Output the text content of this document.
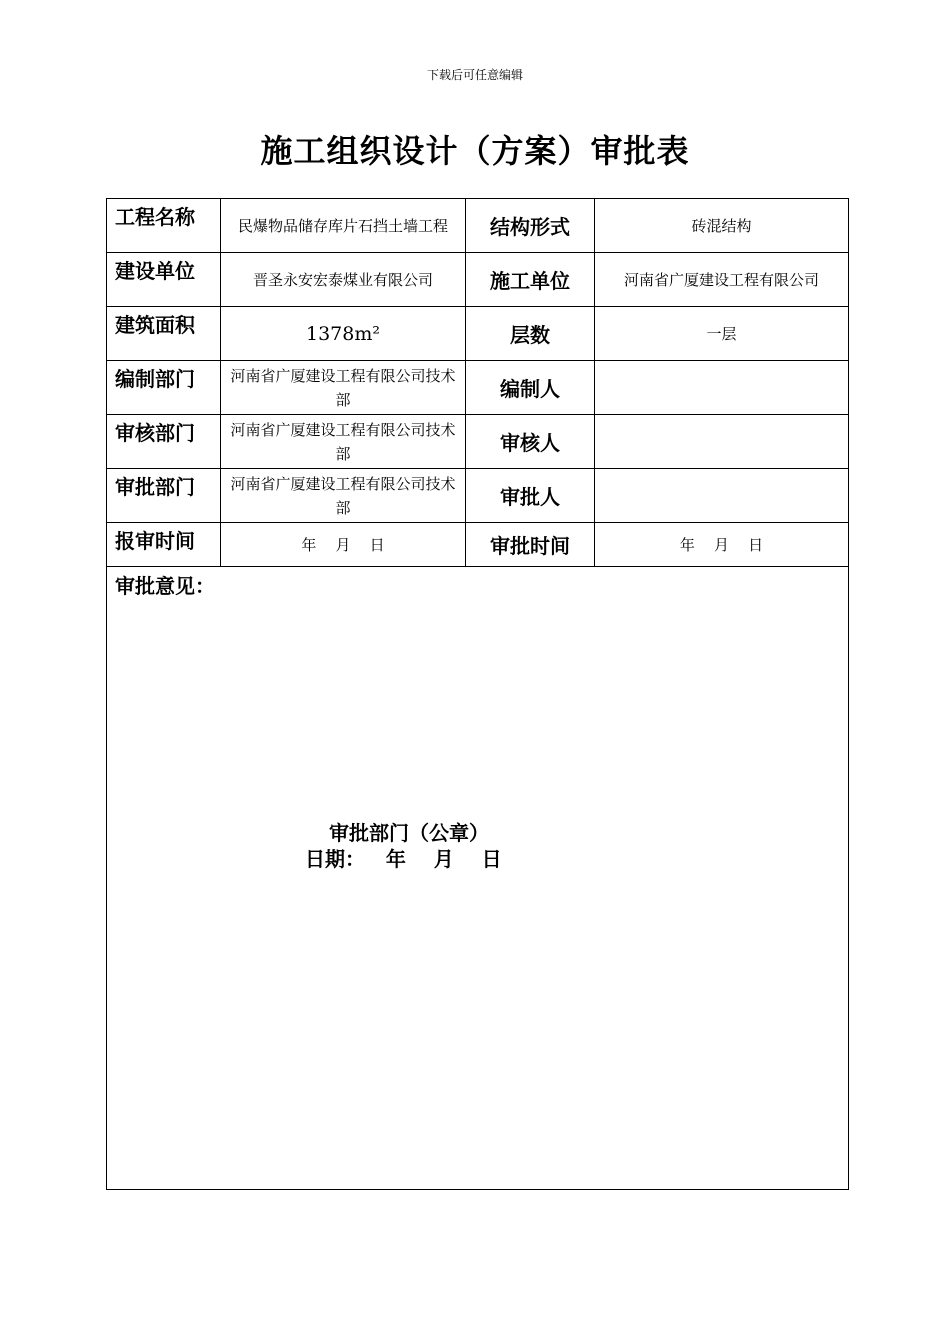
下载后可任意编辑
施工组织设计（方案）审批表
工程名称	民爆物品储存库片石挡土墙工程	结构形式	砖混结构
建设单位	晋圣永安宏泰煤业有限公司	施工单位	河南省广厦建设工程有限公司
建筑面积	1378m²	层数	一层
编制部门	河南省广厦建设工程有限公司技术部	编制人	
审核部门	河南省广厦建设工程有限公司技术部	审核人	
审批部门	河南省广厦建设工程有限公司技术部	审批人	
报审时间	年    月    日	审批时间	年    月    日

审批意见：
审批部门（公章）
日期： 年    月    日			
